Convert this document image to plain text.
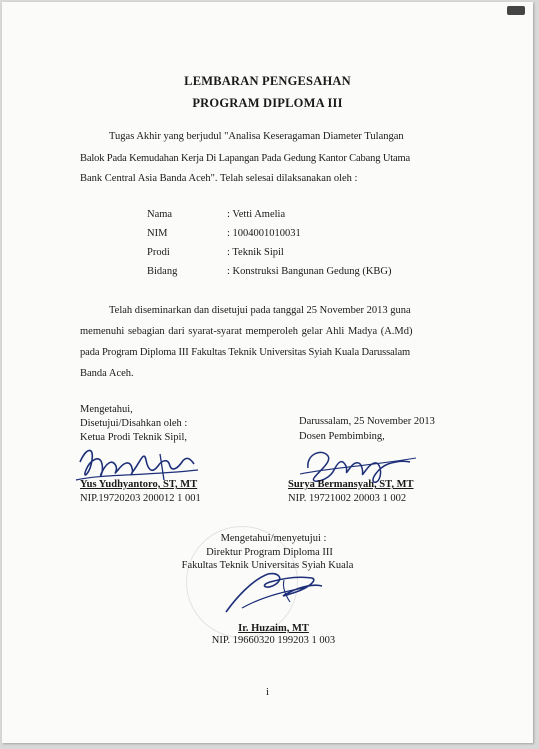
LEMBARAN PENGESAHAN
PROGRAM DIPLOMA III
Tugas Akhir yang berjudul "Analisa Keseragaman Diameter Tulangan
Balok Pada Kemudahan Kerja Di Lapangan Pada Gedung Kantor Cabang Utama
Bank Central Asia Banda Aceh". Telah selesai dilaksanakan oleh :
Nama	: Vetti Amelia
NIM	: 1004001010031
Prodi	: Teknik Sipil
Bidang	: Konstruksi Bangunan Gedung (KBG)
Telah diseminarkan dan disetujui pada tanggal 25 November 2013 guna
memenuhi sebagian dari syarat-syarat memperoleh gelar Ahli Madya (A.Md)
pada Program Diploma III Fakultas Teknik Universitas Syiah Kuala Darussalam
Banda Aceh.
Mengetahui,
Disetujui/Disahkan oleh :
Ketua Prodi Teknik Sipil,
Yus Yudhyantoro, ST, MT
NIP.19720203 200012 1 001
Darussalam, 25 November 2013
Dosen Pembimbing,
Surya Bermansyah, ST, MT
NIP. 19721002 20003 1 002
Mengetahui/menyetujui :
Direktur Program Diploma III
Fakultas Teknik Universitas Syiah Kuala
Ir. Huzaim, MT
NIP. 19660320 199203 1 003
i
